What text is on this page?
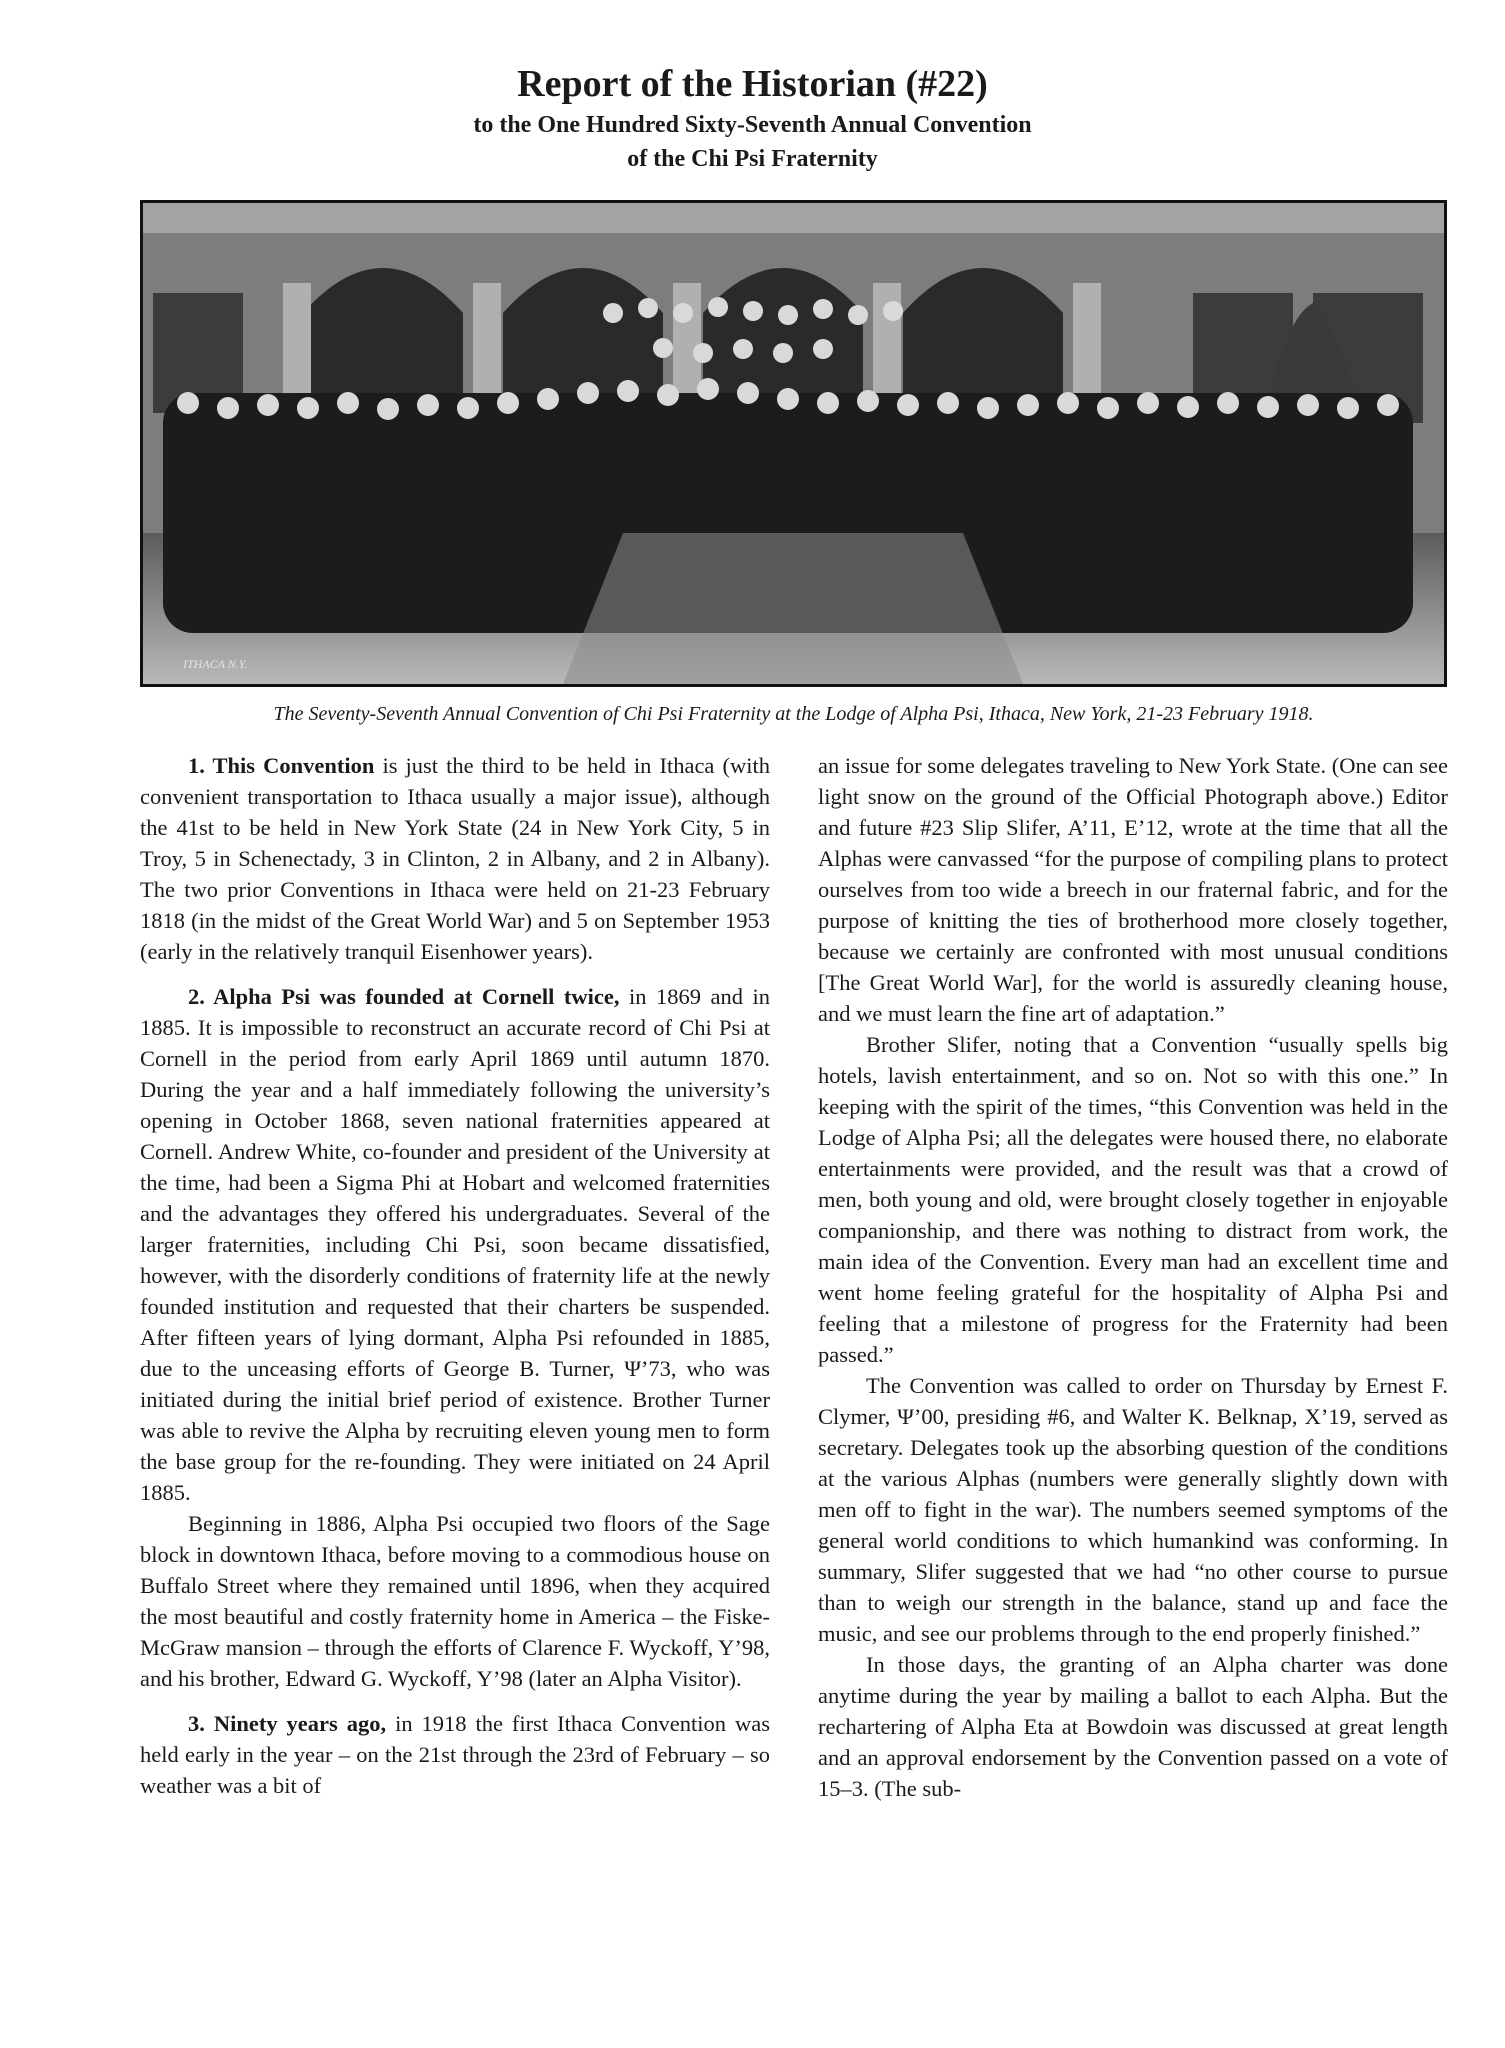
Report of the Historian (#22)

to the One Hundred Sixty-Seventh Annual Convention

of the Chi Psi Fraternity

ITHACA N.Y.
The Seventy-Seventh Annual Convention of Chi Psi Fraternity at the Lodge of Alpha Psi, Ithaca, New York, 21-23 February 1918.

1. This Convention is just the third to be held in Ithaca (with convenient transportation to Ithaca usually a major issue), although the 41st to be held in New York State (24 in New York City, 5 in Troy, 5 in Schenectady, 3 in Clinton, 2 in Albany, and 2 in Albany). The two prior Conventions in Ithaca were held on 21-23 February 1818 (in the midst of the Great World War) and 5 on September 1953 (early in the relatively tranquil Eisenhower years).

2. Alpha Psi was founded at Cornell twice, in 1869 and in 1885. It is impossible to reconstruct an accurate record of Chi Psi at Cornell in the period from early April 1869 until autumn 1870. During the year and a half immediately following the university’s opening in October 1868, seven national fraternities appeared at Cornell. Andrew White, co-founder and president of the University at the time, had been a Sigma Phi at Hobart and welcomed fraternities and the advantages they offered his undergraduates. Several of the larger fraternities, including Chi Psi, soon became dissatisfied, however, with the disorderly conditions of fraternity life at the newly founded institution and requested that their charters be suspended. After fifteen years of lying dormant, Alpha Psi refounded in 1885, due to the unceasing efforts of George B. Turner, Ψ’73, who was initiated during the initial brief period of existence. Brother Turner was able to revive the Alpha by recruiting eleven young men to form the base group for the re-founding. They were initiated on 24 April 1885.

Beginning in 1886, Alpha Psi occupied two floors of the Sage block in downtown Ithaca, before moving to a commodious house on Buffalo Street where they remained until 1896, when they acquired the most beautiful and costly fraternity home in America – the Fiske-McGraw mansion – through the efforts of Clarence F. Wyckoff, Y’98, and his brother, Edward G. Wyckoff, Y’98 (later an Alpha Visitor).

3. Ninety years ago, in 1918 the first Ithaca Convention was held early in the year – on the 21st through the 23rd of February – so weather was a bit of

an issue for some delegates traveling to New York State. (One can see light snow on the ground of the Official Photograph above.) Editor and future #23 Slip Slifer, A’11, E’12, wrote at the time that all the Alphas were canvassed “for the purpose of compiling plans to protect ourselves from too wide a breech in our fraternal fabric, and for the purpose of knitting the ties of brotherhood more closely together, because we certainly are confronted with most unusual conditions [The Great World War], for the world is assuredly cleaning house, and we must learn the fine art of adaptation.”

Brother Slifer, noting that a Convention “usually spells big hotels, lavish entertainment, and so on. Not so with this one.” In keeping with the spirit of the times, “this Convention was held in the Lodge of Alpha Psi; all the delegates were housed there, no elaborate entertainments were provided, and the result was that a crowd of men, both young and old, were brought closely together in enjoyable companionship, and there was nothing to distract from work, the main idea of the Convention. Every man had an excellent time and went home feeling grateful for the hospitality of Alpha Psi and feeling that a milestone of progress for the Fraternity had been passed.”

The Convention was called to order on Thursday by Ernest F. Clymer, Ψ’00, presiding #6, and Walter K. Belknap, X’19, served as secretary. Delegates took up the absorbing question of the conditions at the various Alphas (numbers were generally slightly down with men off to fight in the war). The numbers seemed symptoms of the general world conditions to which humankind was conforming. In summary, Slifer suggested that we had “no other course to pursue than to weigh our strength in the balance, stand up and face the music, and see our problems through to the end properly finished.”

In those days, the granting of an Alpha charter was done anytime during the year by mailing a ballot to each Alpha. But the rechartering of Alpha Eta at Bowdoin was discussed at great length and an approval endorsement by the Convention passed on a vote of 15–3. (The sub-
